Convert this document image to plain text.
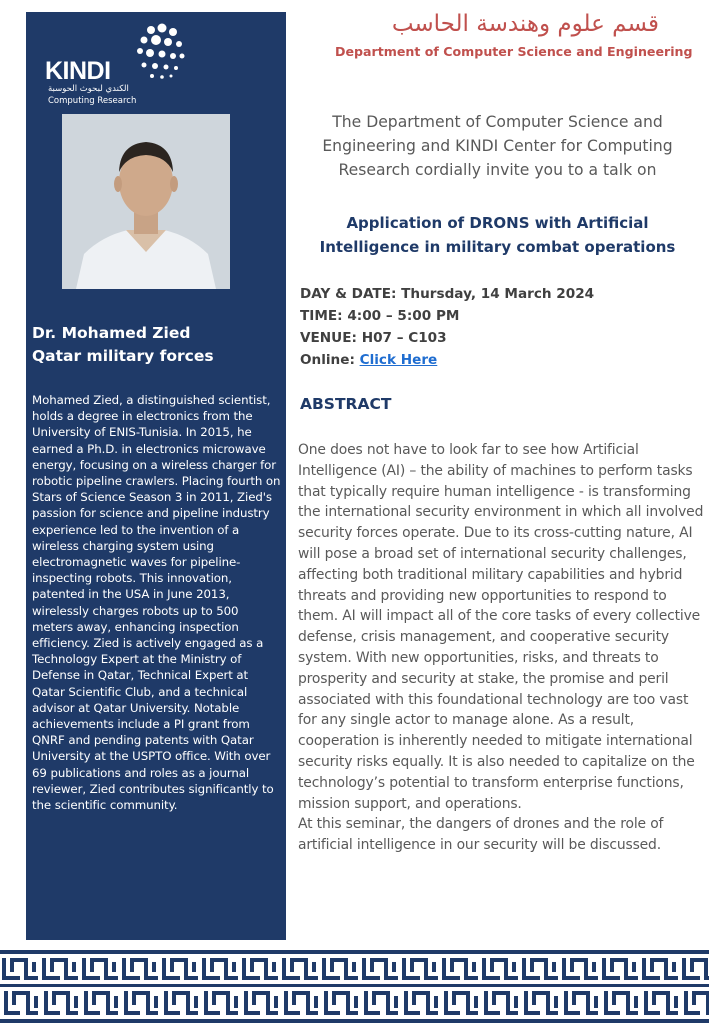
قسم علوم وهندسة الحاسب
Department of Computer Science and Engineering
KINDI
الكندي لبحوث الحوسبة
Computing Research
Dr. Mohamed Zied
Qatar military forces
Mohamed Zied, a distinguished scientist, holds a degree in electronics from the University of ENIS-Tunisia. In 2015, he earned a Ph.D. in electronics microwave energy, focusing on a wireless charger for robotic pipeline crawlers. Placing fourth on Stars of Science Season 3 in 2011, Zied's passion for science and pipeline industry experience led to the invention of a wireless charging system using electromagnetic waves for pipeline-inspecting robots. This innovation, patented in the USA in June 2013, wirelessly charges robots up to 500 meters away, enhancing inspection efficiency. Zied is actively engaged as a Technology Expert at the Ministry of Defense in Qatar, Technical Expert at Qatar Scientific Club, and a technical advisor at Qatar University. Notable achievements include a PI grant from QNRF and pending patents with Qatar University at the USPTO office. With over 69 publications and roles as a journal reviewer, Zied contributes significantly to the scientific community.
The Department of Computer Science and Engineering and KINDI Center for Computing Research cordially invite you to a talk on
Application of DRONS with Artificial Intelligence in military combat operations
DAY & DATE: Thursday, 14 March 2024
TIME: 4:00 – 5:00 PM
VENUE: H07 – C103
Online: Click Here
ABSTRACT

One does not have to look far to see how Artificial Intelligence (AI) – the ability of machines to perform tasks that typically require human intelligence - is transforming the international security environment in which all involved security forces operate. Due to its cross-cutting nature, AI will pose a broad set of international security challenges, affecting both traditional military capabilities and hybrid threats and providing new opportunities to respond to them. AI will impact all of the core tasks of every collective defense, crisis management, and cooperative security system. With new opportunities, risks, and threats to prosperity and security at stake, the promise and peril associated with this foundational technology are too vast for any single actor to manage alone. As a result, cooperation is inherently needed to mitigate international security risks equally. It is also needed to capitalize on the technology’s potential to transform enterprise functions, mission support, and operations.

At this seminar, the dangers of drones and the role of artificial intelligence in our security will be discussed.
